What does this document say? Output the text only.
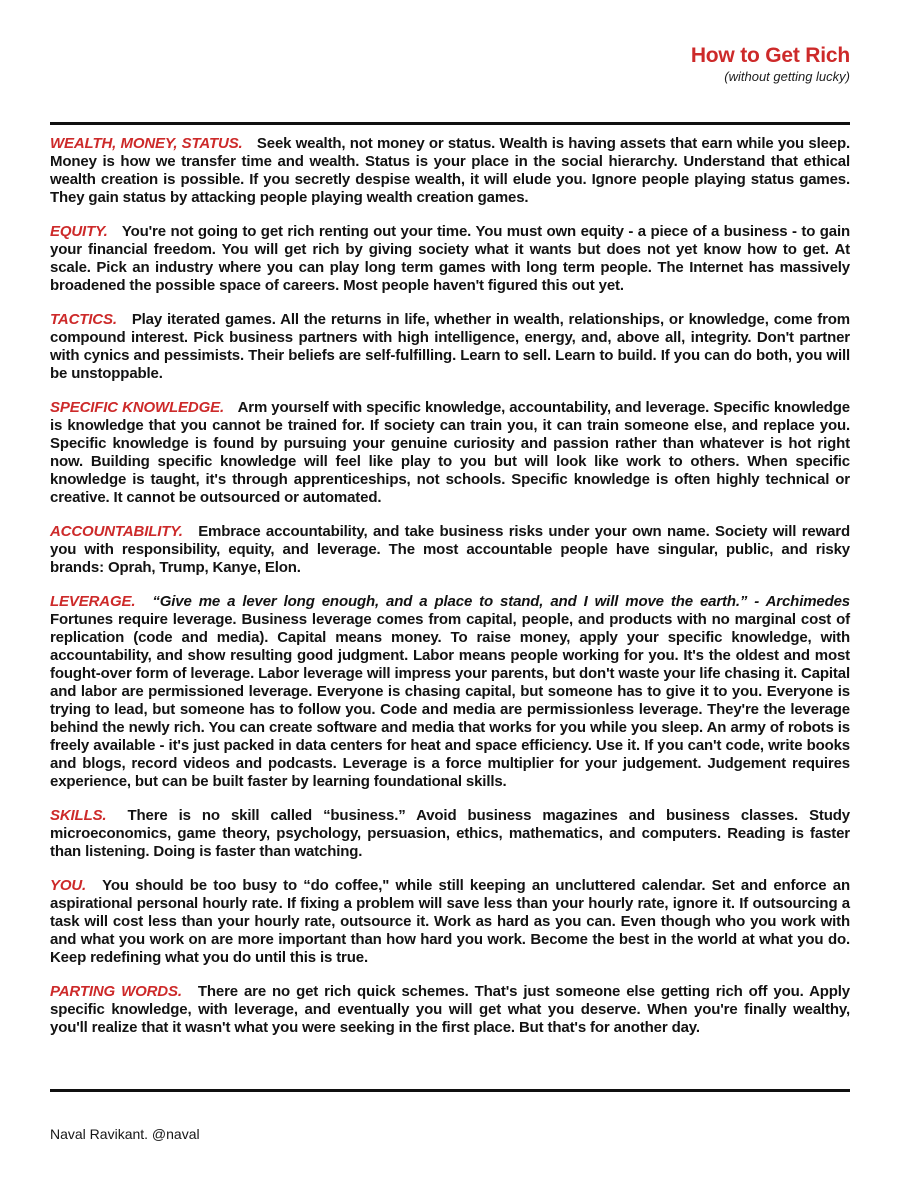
How to Get Rich
(without getting lucky)

WEALTH, MONEY, STATUS. Seek wealth, not money or status. Wealth is having assets that earn while you sleep. Money is how we transfer time and wealth. Status is your place in the social hierarchy. Understand that ethical wealth creation is possible. If you secretly despise wealth, it will elude you. Ignore people playing status games. They gain status by attacking people playing wealth creation games.

EQUITY. You're not going to get rich renting out your time. You must own equity - a piece of a business - to gain your financial freedom. You will get rich by giving society what it wants but does not yet know how to get. At scale. Pick an industry where you can play long term games with long term people. The Internet has massively broadened the possible space of careers. Most people haven't figured this out yet.

TACTICS. Play iterated games. All the returns in life, whether in wealth, relationships, or knowledge, come from compound interest. Pick business partners with high intelligence, energy, and, above all, integrity. Don't partner with cynics and pessimists. Their beliefs are self-fulfilling. Learn to sell. Learn to build. If you can do both, you will be unstoppable.

SPECIFIC KNOWLEDGE. Arm yourself with specific knowledge, accountability, and leverage. Specific knowledge is knowledge that you cannot be trained for. If society can train you, it can train someone else, and replace you. Specific knowledge is found by pursuing your genuine curiosity and passion rather than whatever is hot right now. Building specific knowledge will feel like play to you but will look like work to others. When specific knowledge is taught, it's through apprenticeships, not schools. Specific knowledge is often highly technical or creative. It cannot be outsourced or automated.

ACCOUNTABILITY. Embrace accountability, and take business risks under your own name. Society will reward you with responsibility, equity, and leverage. The most accountable people have singular, public, and risky brands: Oprah, Trump, Kanye, Elon.

LEVERAGE. “Give me a lever long enough, and a place to stand, and I will move the earth.” - Archimedes Fortunes require leverage. Business leverage comes from capital, people, and products with no marginal cost of replication (code and media). Capital means money. To raise money, apply your specific knowledge, with accountability, and show resulting good judgment. Labor means people working for you. It's the oldest and most fought-over form of leverage. Labor leverage will impress your parents, but don't waste your life chasing it. Capital and labor are permissioned leverage. Everyone is chasing capital, but someone has to give it to you. Everyone is trying to lead, but someone has to follow you. Code and media are permissionless leverage. They're the leverage behind the newly rich. You can create software and media that works for you while you sleep. An army of robots is freely available - it's just packed in data centers for heat and space efficiency. Use it. If you can't code, write books and blogs, record videos and podcasts. Leverage is a force multiplier for your judgement. Judgement requires experience, but can be built faster by learning foundational skills.

SKILLS. There is no skill called “business.” Avoid business magazines and business classes. Study microeconomics, game theory, psychology, persuasion, ethics, mathematics, and computers. Reading is faster than listening. Doing is faster than watching.

YOU. You should be too busy to “do coffee," while still keeping an uncluttered calendar. Set and enforce an aspirational personal hourly rate. If fixing a problem will save less than your hourly rate, ignore it. If outsourcing a task will cost less than your hourly rate, outsource it. Work as hard as you can. Even though who you work with and what you work on are more important than how hard you work. Become the best in the world at what you do. Keep redefining what you do until this is true.

PARTING WORDS. There are no get rich quick schemes. That's just someone else getting rich off you. Apply specific knowledge, with leverage, and eventually you will get what you deserve. When you're finally wealthy, you'll realize that it wasn't what you were seeking in the first place. But that's for another day.

Naval Ravikant. @naval
